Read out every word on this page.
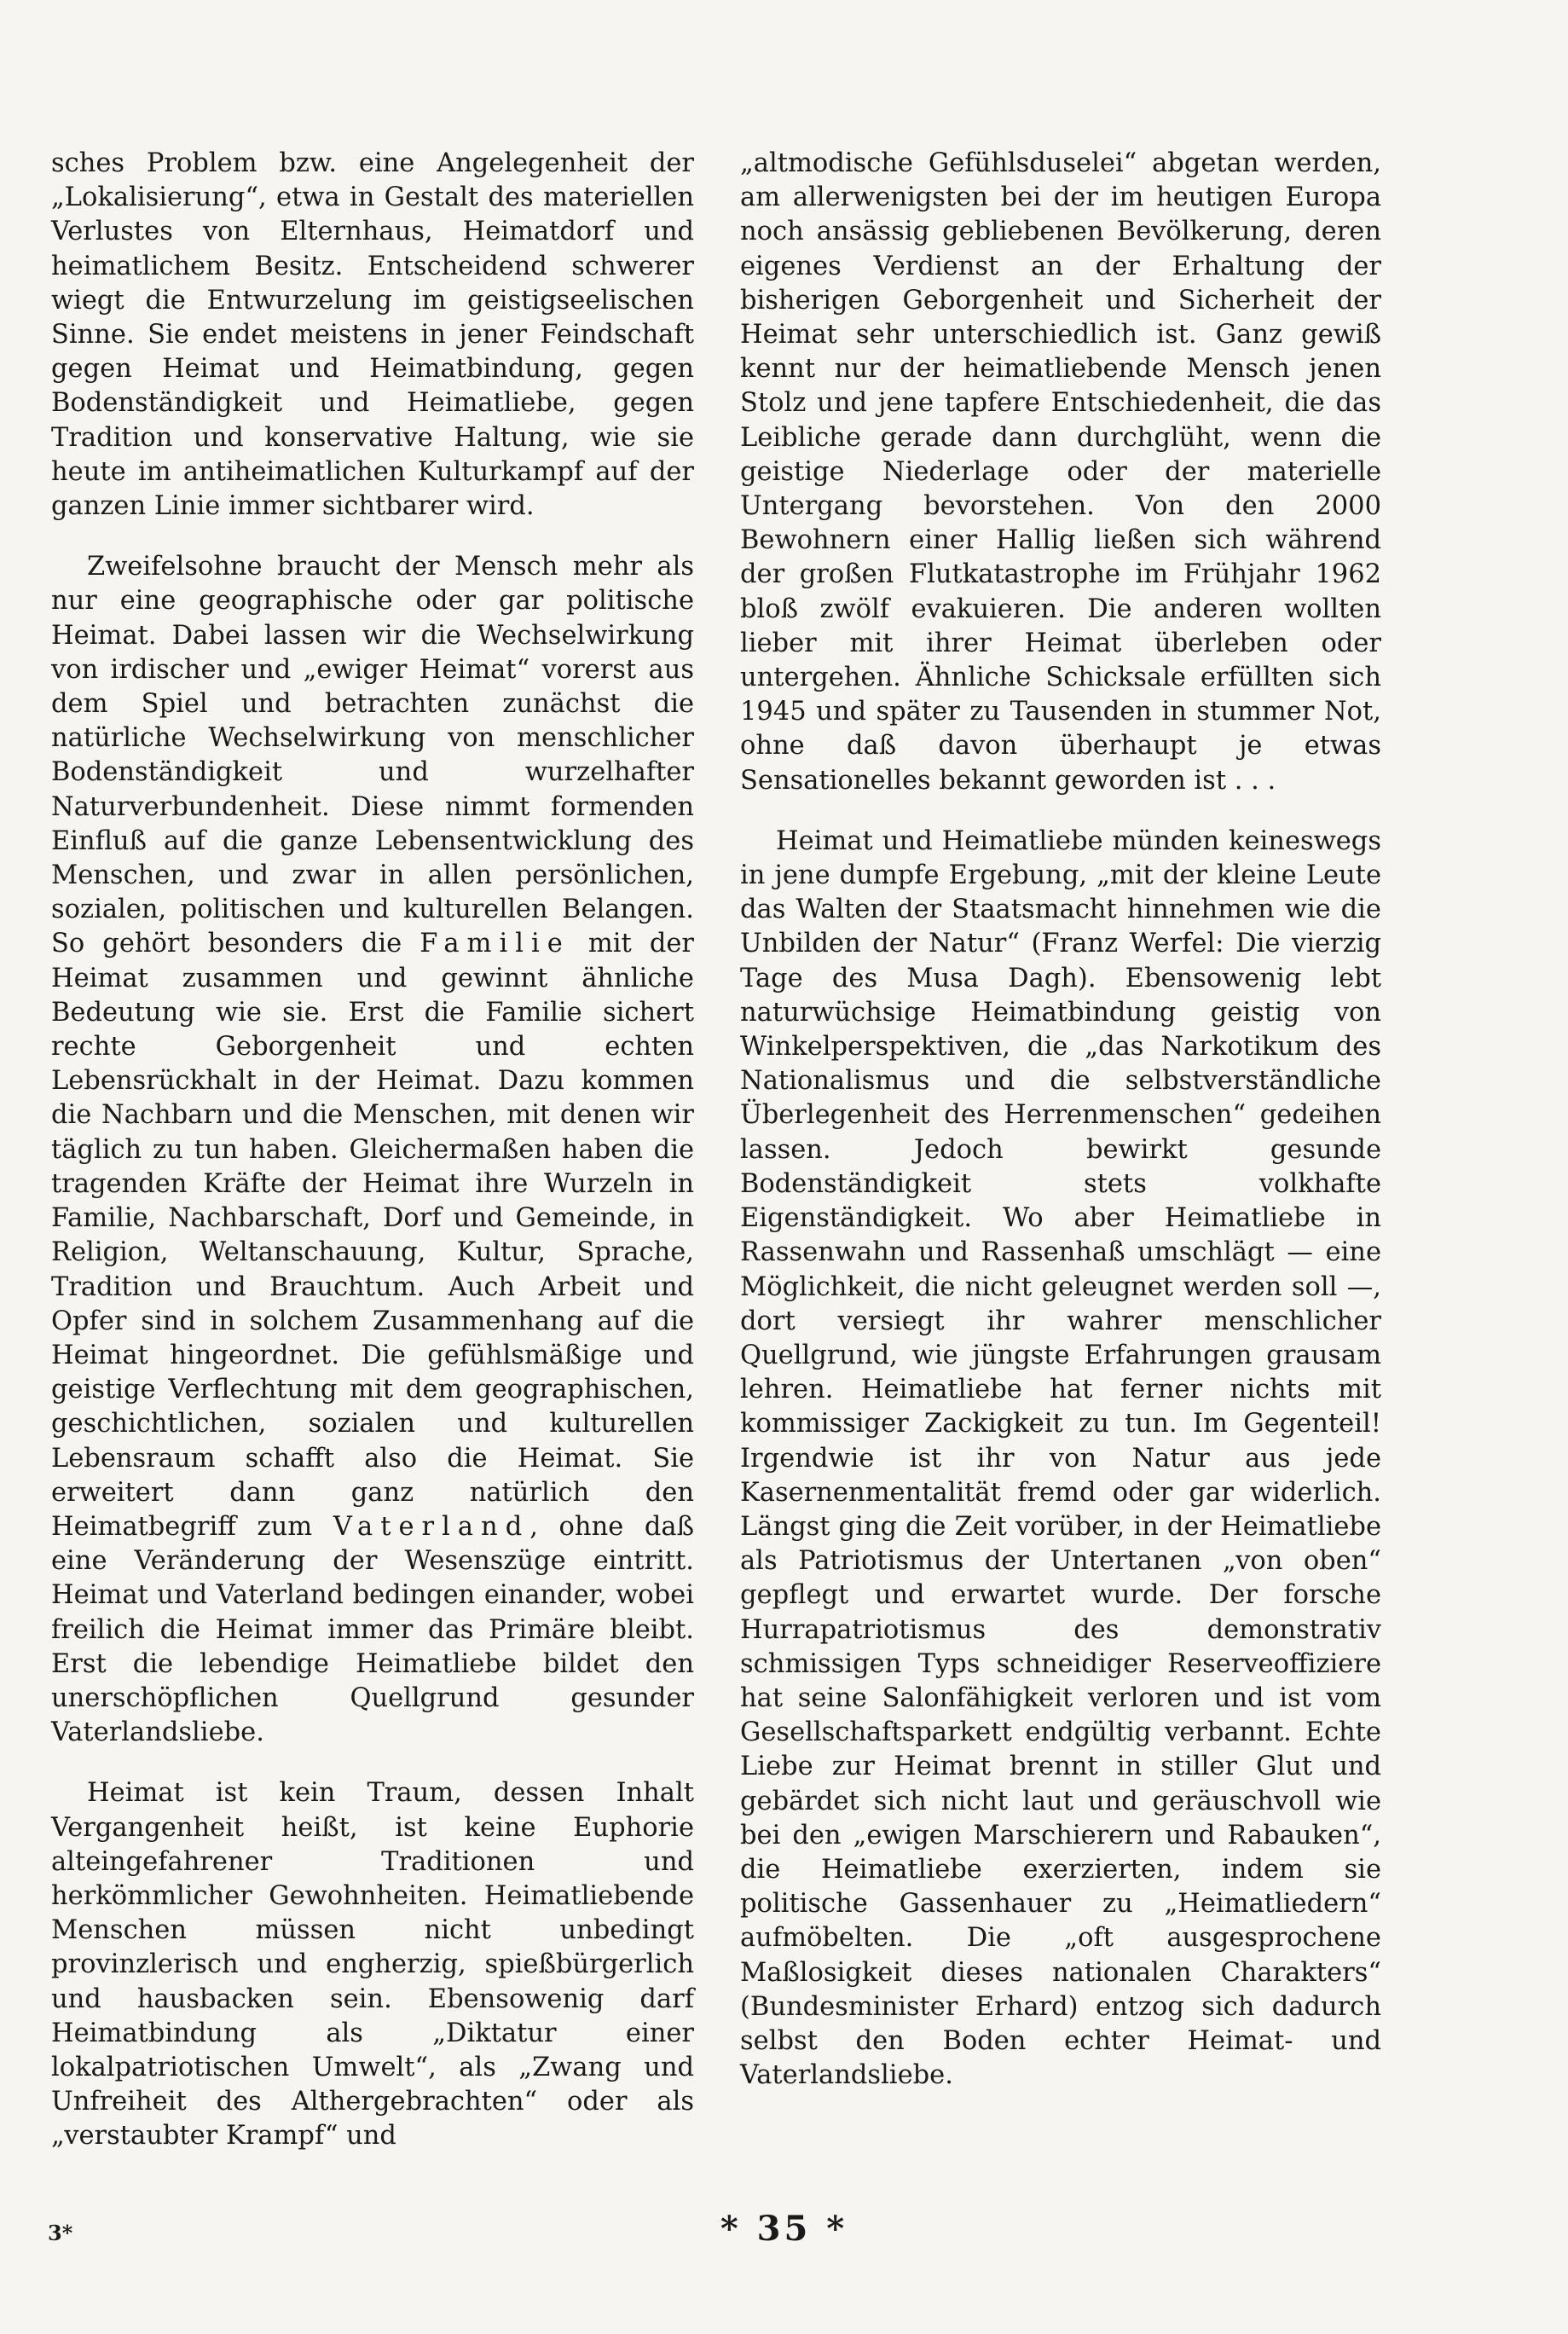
sches Problem bzw. eine Angelegenheit der „Lokalisierung“, etwa in Gestalt des materiellen Verlustes von Elternhaus, Heimatdorf und heimatlichem Besitz. Entscheidend schwerer wiegt die Entwurzelung im geistigseelischen Sinne. Sie endet meistens in jener Feindschaft gegen Heimat und Heimatbindung, gegen Bodenständigkeit und Heimatliebe, gegen Tradition und konservative Haltung, wie sie heute im antiheimatlichen Kulturkampf auf der ganzen Linie immer sichtbarer wird.

Zweifelsohne braucht der Mensch mehr als nur eine geographische oder gar politische Heimat. Dabei lassen wir die Wechselwirkung von irdischer und „ewiger Heimat“ vorerst aus dem Spiel und betrachten zunächst die natürliche Wechselwirkung von menschlicher Bodenständigkeit und wurzelhafter Naturverbundenheit. Diese nimmt formenden Einfluß auf die ganze Lebensentwicklung des Menschen, und zwar in allen persönlichen, sozialen, politischen und kulturellen Belangen. So gehört besonders die Familie mit der Heimat zusammen und gewinnt ähnliche Bedeutung wie sie. Erst die Familie sichert rechte Geborgenheit und echten Lebensrückhalt in der Heimat. Dazu kommen die Nachbarn und die Menschen, mit denen wir täglich zu tun haben. Gleichermaßen haben die tragenden Kräfte der Heimat ihre Wurzeln in Familie, Nachbarschaft, Dorf und Gemeinde, in Religion, Weltanschauung, Kultur, Sprache, Tradition und Brauchtum. Auch Arbeit und Opfer sind in solchem Zusammenhang auf die Heimat hingeordnet. Die gefühlsmäßige und geistige Verflechtung mit dem geographischen, geschichtlichen, sozialen und kulturellen Lebensraum schafft also die Heimat. Sie erweitert dann ganz natürlich den Heimatbegriff zum Vaterland, ohne daß eine Veränderung der Wesenszüge eintritt. Heimat und Vaterland bedingen einander, wobei freilich die Heimat immer das Primäre bleibt. Erst die lebendige Heimatliebe bildet den unerschöpflichen Quellgrund gesunder Vaterlandsliebe.

Heimat ist kein Traum, dessen Inhalt Vergangenheit heißt, ist keine Euphorie alteingefahrener Traditionen und herkömmlicher Gewohnheiten. Heimatliebende Menschen müssen nicht unbedingt provinzlerisch und engherzig, spießbürgerlich und hausbacken sein. Ebensowenig darf Heimatbindung als „Diktatur einer lokalpatriotischen Umwelt“, als „Zwang und Unfreiheit des Althergebrachten“ oder als „verstaubter Krampf“ und

„altmodische Gefühlsduselei“ abgetan werden, am allerwenigsten bei der im heutigen Europa noch ansässig gebliebenen Bevölkerung, deren eigenes Verdienst an der Erhaltung der bisherigen Geborgenheit und Sicherheit der Heimat sehr unterschiedlich ist. Ganz gewiß kennt nur der heimatliebende Mensch jenen Stolz und jene tapfere Entschiedenheit, die das Leibliche gerade dann durchglüht, wenn die geistige Niederlage oder der materielle Untergang bevorstehen. Von den 2000 Bewohnern einer Hallig ließen sich während der großen Flutkatastrophe im Frühjahr 1962 bloß zwölf evakuieren. Die anderen wollten lieber mit ihrer Heimat überleben oder untergehen. Ähnliche Schicksale erfüllten sich 1945 und später zu Tausenden in stummer Not, ohne daß davon überhaupt je etwas Sensationelles bekannt geworden ist . . .

Heimat und Heimatliebe münden keineswegs in jene dumpfe Ergebung, „mit der kleine Leute das Walten der Staatsmacht hinnehmen wie die Unbilden der Natur“ (Franz Werfel: Die vierzig Tage des Musa Dagh). Ebensowenig lebt naturwüchsige Heimatbindung geistig von Winkelperspektiven, die „das Narkotikum des Nationalismus und die selbstverständliche Überlegenheit des Herrenmenschen“ gedeihen lassen. Jedoch bewirkt gesunde Bodenständigkeit stets volkhafte Eigenständigkeit. Wo aber Heimatliebe in Rassenwahn und Rassenhaß umschlägt — eine Möglichkeit, die nicht geleugnet werden soll —, dort versiegt ihr wahrer menschlicher Quellgrund, wie jüngste Erfahrungen grausam lehren. Heimatliebe hat ferner nichts mit kommissiger Zackigkeit zu tun. Im Gegenteil! Irgendwie ist ihr von Natur aus jede Kasernenmentalität fremd oder gar widerlich. Längst ging die Zeit vorüber, in der Heimatliebe als Patriotismus der Untertanen „von oben“ gepflegt und erwartet wurde. Der forsche Hurrapatriotismus des demonstrativ schmissigen Typs schneidiger Reserveoffiziere hat seine Salonfähigkeit verloren und ist vom Gesellschaftsparkett endgültig verbannt. Echte Liebe zur Heimat brennt in stiller Glut und gebärdet sich nicht laut und geräuschvoll wie bei den „ewigen Marschierern und Rabauken“, die Heimatliebe exerzierten, indem sie politische Gassenhauer zu „Heimatliedern“ aufmöbelten. Die „oft ausgesprochene Maßlosigkeit dieses nationalen Charakters“ (Bundesminister Erhard) entzog sich dadurch selbst den Boden echter Heimat- und Vaterlandsliebe.

3*	* 35 *
